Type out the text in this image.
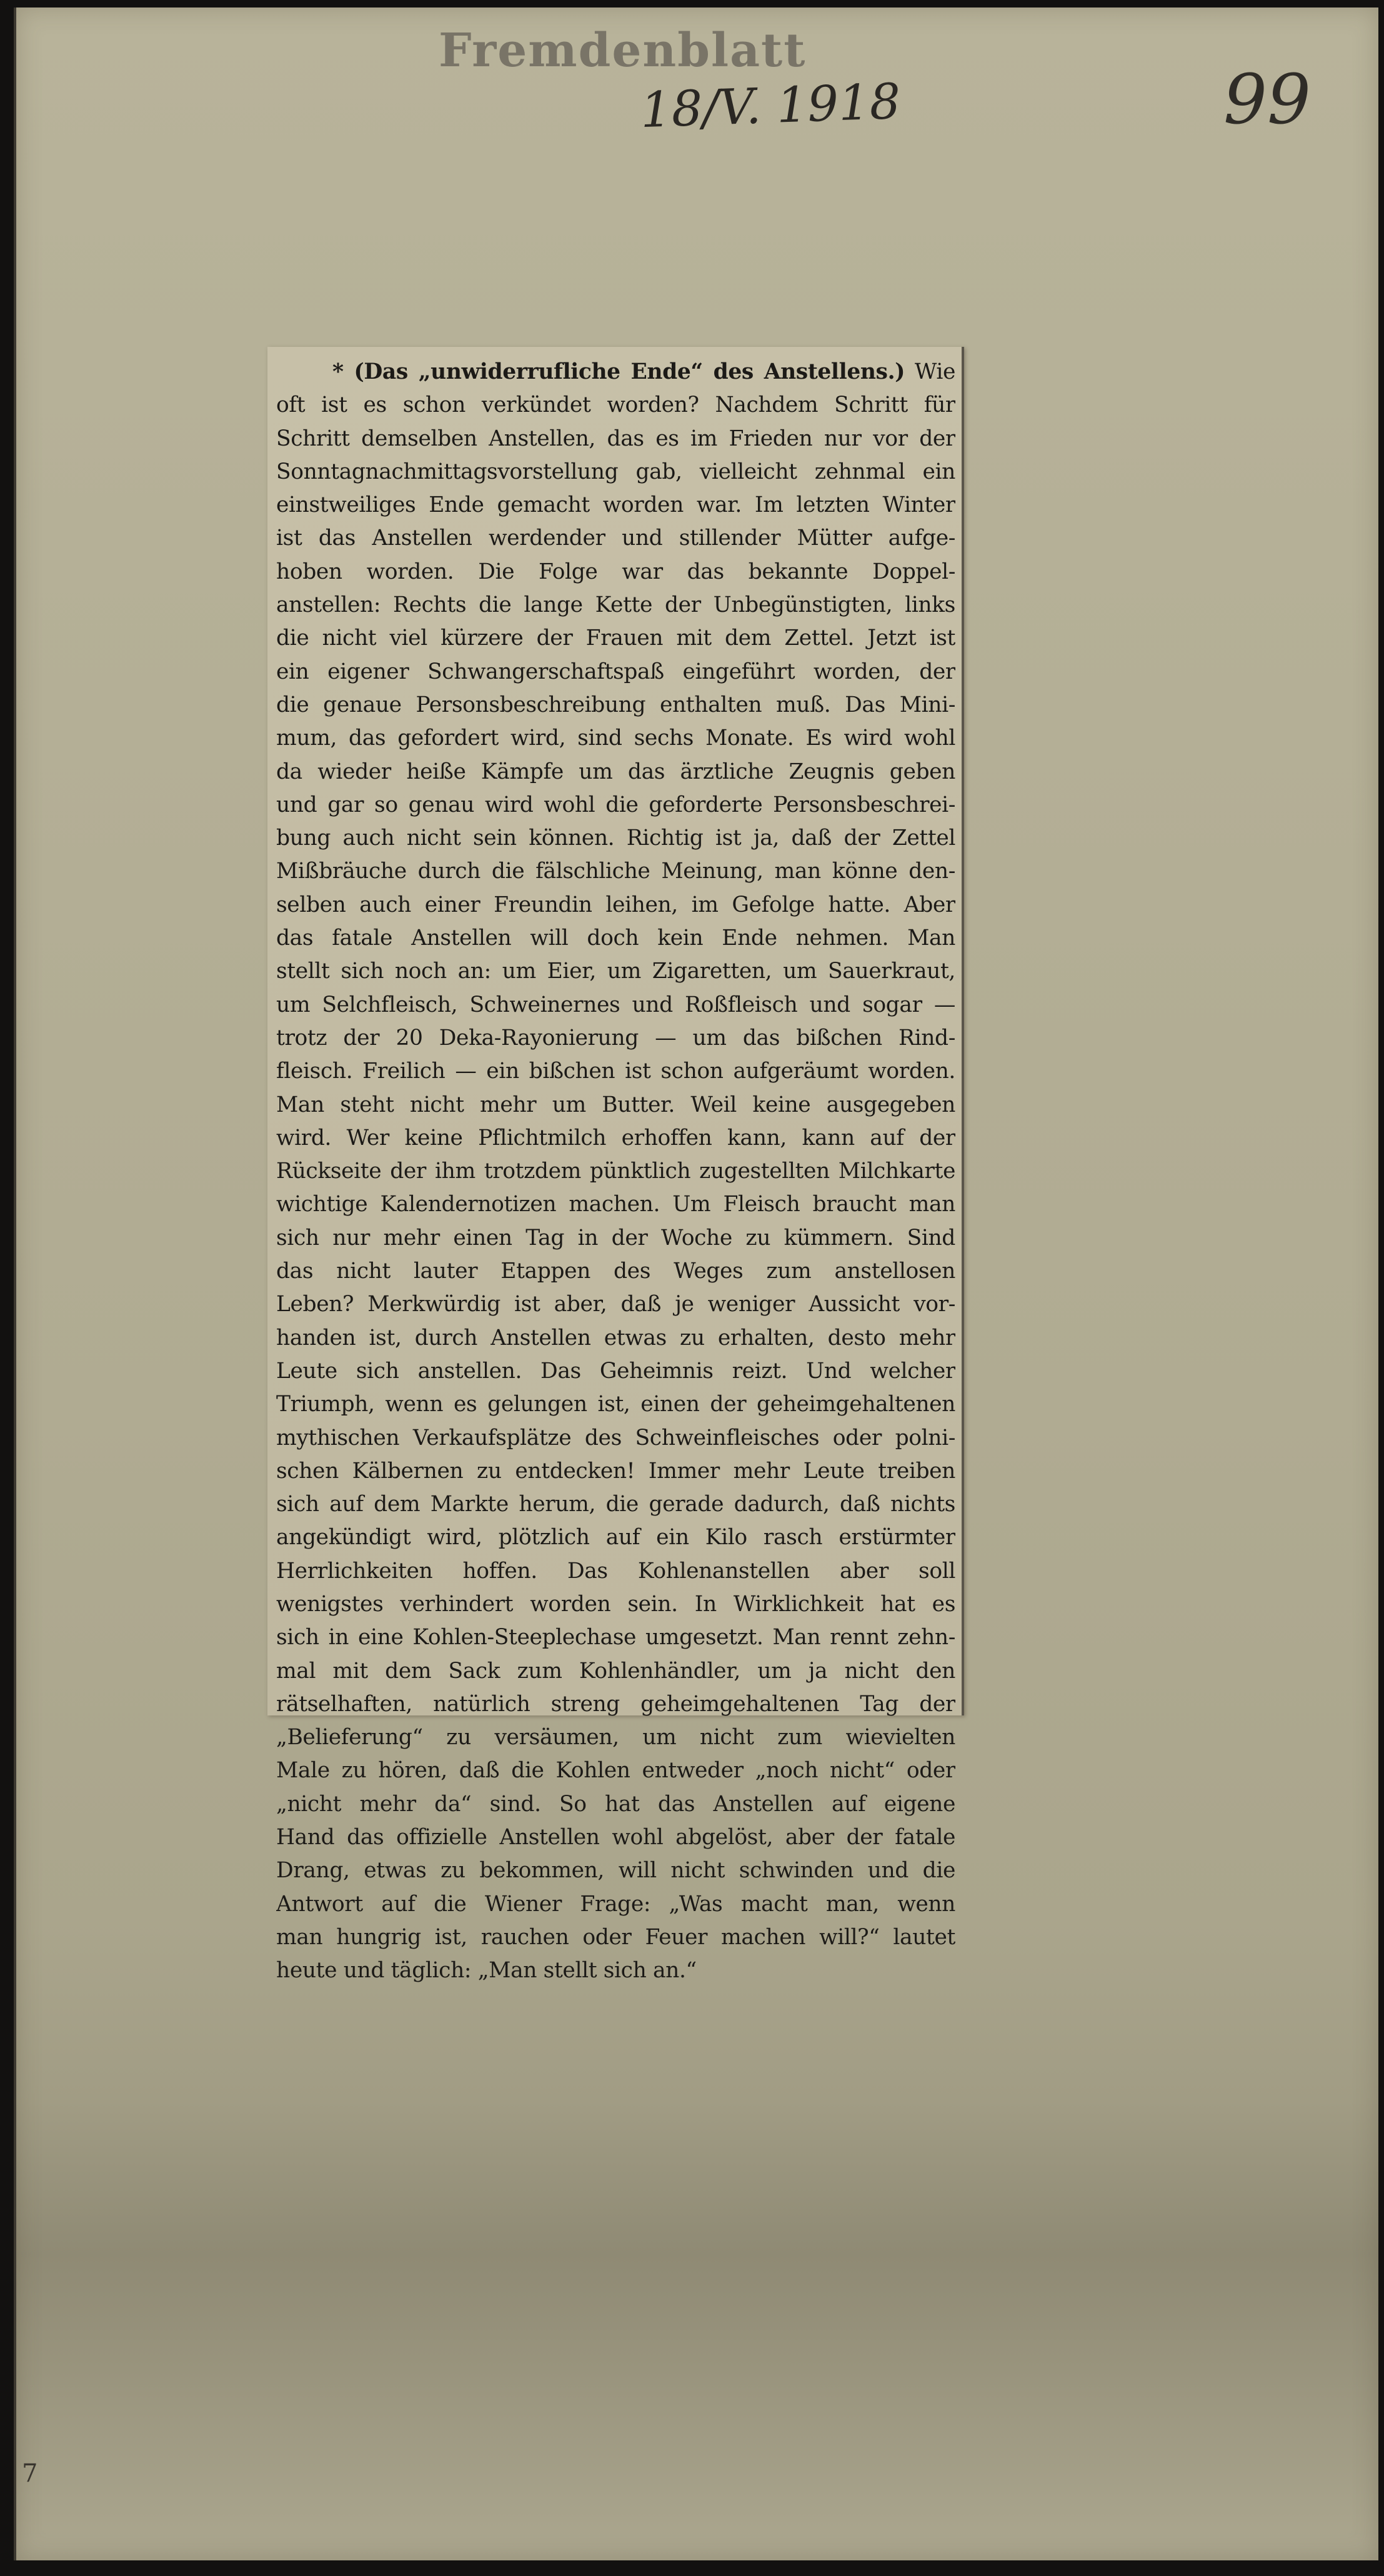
Fremdenblatt
18/V. 1918	99
* (Das „unwiderrufliche Ende“ des Anstellens.) Wie
oft ist es schon verkündet worden? Nachdem Schritt für
Schritt demselben Anstellen, das es im Frieden nur vor der
Sonntagnachmittagsvorstellung gab, vielleicht zehnmal ein
einstweiliges Ende gemacht worden war. Im letzten Winter
ist das Anstellen werdender und stillender Mütter aufge-
hoben worden. Die Folge war das bekannte Doppel-
anstellen: Rechts die lange Kette der Unbegünstigten, links
die nicht viel kürzere der Frauen mit dem Zettel. Jetzt ist
ein eigener Schwangerschaftspaß eingeführt worden, der
die genaue Personsbeschreibung enthalten muß. Das Mini-
mum, das gefordert wird, sind sechs Monate. Es wird wohl
da wieder heiße Kämpfe um das ärztliche Zeugnis geben
und gar so genau wird wohl die geforderte Personsbeschrei-
bung auch nicht sein können. Richtig ist ja, daß der Zettel
Mißbräuche durch die fälschliche Meinung, man könne den-
selben auch einer Freundin leihen, im Gefolge hatte. Aber
das fatale Anstellen will doch kein Ende nehmen. Man
stellt sich noch an: um Eier, um Zigaretten, um Sauerkraut,
um Selchfleisch, Schweinernes und Roßfleisch und sogar —
trotz der 20 Deka-Rayonierung — um das bißchen Rind-
fleisch. Freilich — ein bißchen ist schon aufgeräumt worden.
Man steht nicht mehr um Butter. Weil keine ausgegeben
wird. Wer keine Pflichtmilch erhoffen kann, kann auf der
Rückseite der ihm trotzdem pünktlich zugestellten Milchkarte
wichtige Kalendernotizen machen. Um Fleisch braucht man
sich nur mehr einen Tag in der Woche zu kümmern. Sind
das nicht lauter Etappen des Weges zum anstellosen
Leben? Merkwürdig ist aber, daß je weniger Aussicht vor-
handen ist, durch Anstellen etwas zu erhalten, desto mehr
Leute sich anstellen. Das Geheimnis reizt. Und welcher
Triumph, wenn es gelungen ist, einen der geheimgehaltenen
mythischen Verkaufsplätze des Schweinfleisches oder polni-
schen Kälbernen zu entdecken! Immer mehr Leute treiben
sich auf dem Markte herum, die gerade dadurch, daß nichts
angekündigt wird, plötzlich auf ein Kilo rasch erstürmter
Herrlichkeiten hoffen. Das Kohlenanstellen aber soll
wenigstes verhindert worden sein. In Wirklichkeit hat es
sich in eine Kohlen-Steeplechase umgesetzt. Man rennt zehn-
mal mit dem Sack zum Kohlenhändler, um ja nicht den
rätselhaften, natürlich streng geheimgehaltenen Tag der
„Belieferung“ zu versäumen, um nicht zum wievielten
Male zu hören, daß die Kohlen entweder „noch nicht“ oder
„nicht mehr da“ sind. So hat das Anstellen auf eigene
Hand das offizielle Anstellen wohl abgelöst, aber der fatale
Drang, etwas zu bekommen, will nicht schwinden und die
Antwort auf die Wiener Frage: „Was macht man, wenn
man hungrig ist, rauchen oder Feuer machen will?“ lautet
heute und täglich: „Man stellt sich an.“
7
